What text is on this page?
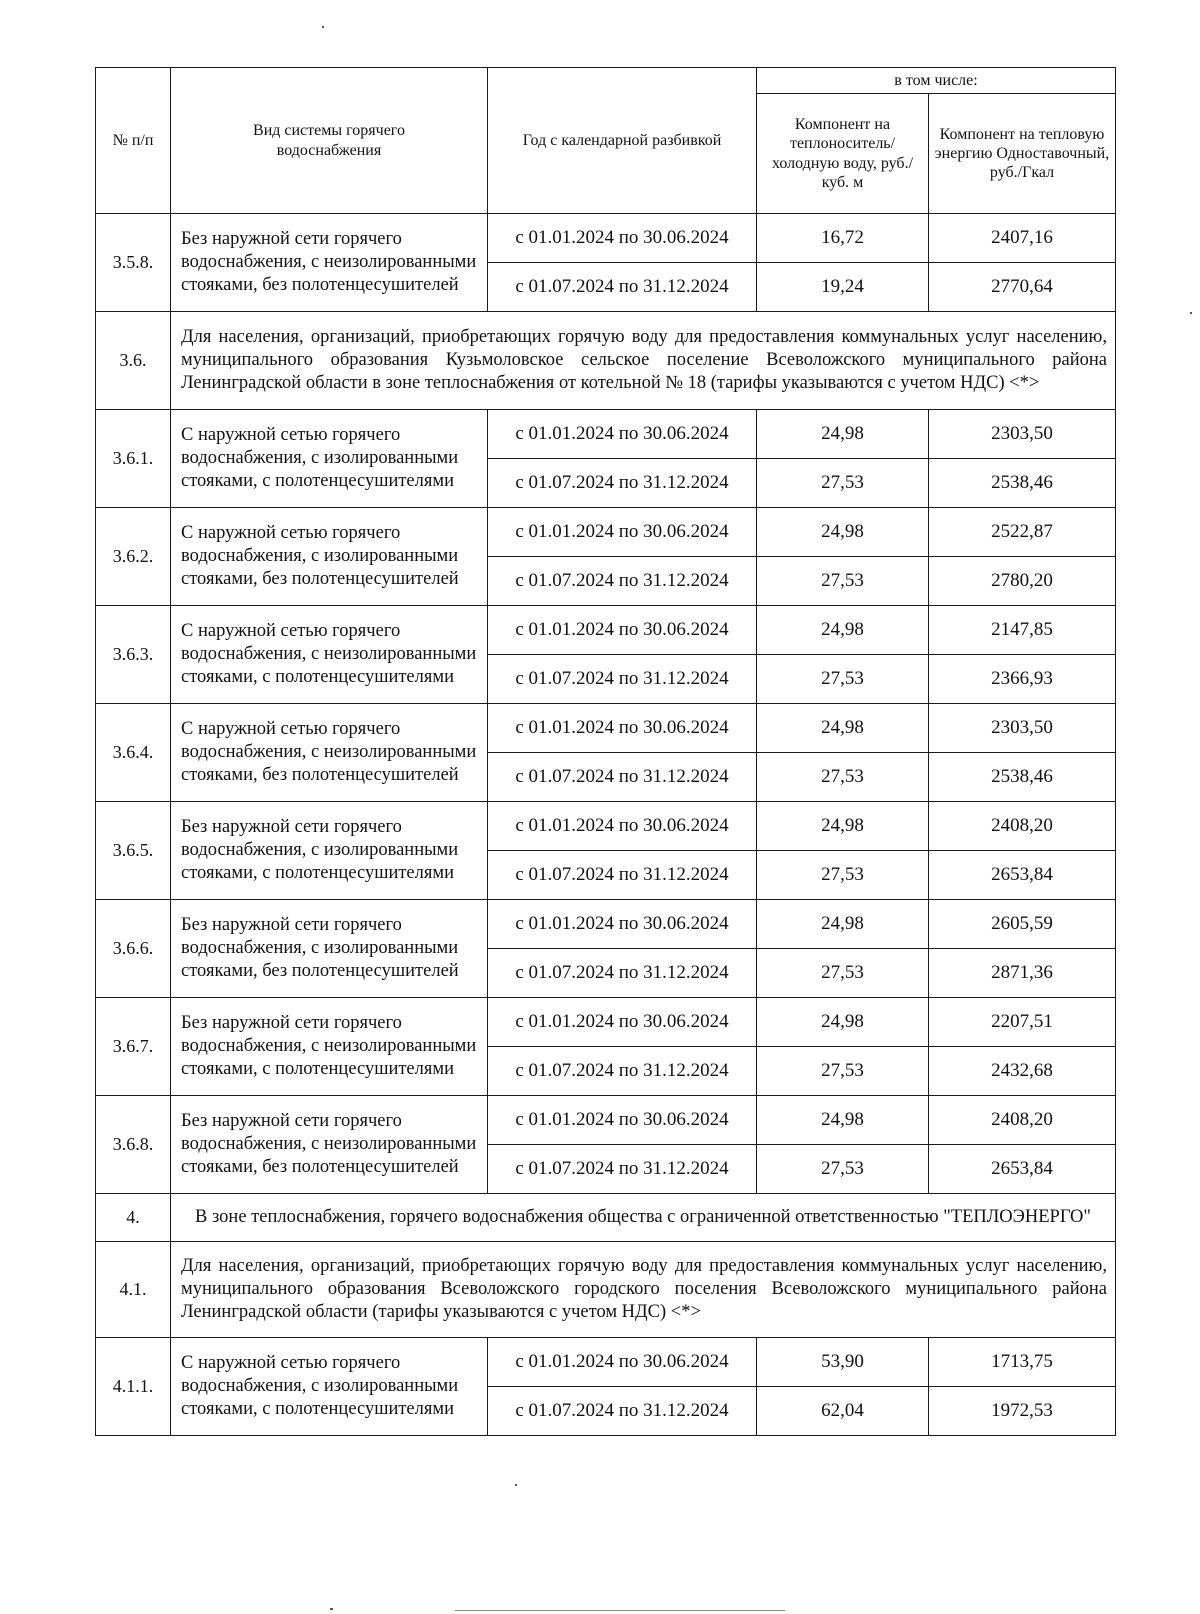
№ п/п	Вид системы горячего водоснабжения	Год с календарной разбивкой	в том числе:	
			Компонент на теплоноситель/ холодную воду, руб./куб. м	Компонент на тепловую энергию Одноставочный, руб./Гкал
3.5.8.	Без наружной сети горячего водоснабжения, с неизолированными стояками, без полотенцесушителей	с 01.01.2024 по 30.06.2024	16,72	2407,16
		с 01.07.2024 по 31.12.2024	19,24	2770,64
3.6.	Для населения, организаций, приобретающих горячую воду для предоставления коммунальных услуг населению, муниципального образования Кузьмоловское сельское поселение Всеволожского муниципального района Ленинградской области в зоне теплоснабжения от котельной № 18 (тарифы указываются с учетом НДС) <*>			
3.6.1.	С наружной сетью горячего водоснабжения, с изолированными стояками, с полотенцесушителями	с 01.01.2024 по 30.06.2024	24,98	2303,50
		с 01.07.2024 по 31.12.2024	27,53	2538,46
3.6.2.	С наружной сетью горячего водоснабжения, с изолированными стояками, без полотенцесушителей	с 01.01.2024 по 30.06.2024	24,98	2522,87
		с 01.07.2024 по 31.12.2024	27,53	2780,20
3.6.3.	С наружной сетью горячего водоснабжения, с неизолированными стояками, с полотенцесушителями	с 01.01.2024 по 30.06.2024	24,98	2147,85
		с 01.07.2024 по 31.12.2024	27,53	2366,93
3.6.4.	С наружной сетью горячего водоснабжения, с неизолированными стояками, без полотенцесушителей	с 01.01.2024 по 30.06.2024	24,98	2303,50
		с 01.07.2024 по 31.12.2024	27,53	2538,46
3.6.5.	Без наружной сети горячего водоснабжения, с изолированными стояками, с полотенцесушителями	с 01.01.2024 по 30.06.2024	24,98	2408,20
		с 01.07.2024 по 31.12.2024	27,53	2653,84
3.6.6.	Без наружной сети горячего водоснабжения, с изолированными стояками, без полотенцесушителей	с 01.01.2024 по 30.06.2024	24,98	2605,59
		с 01.07.2024 по 31.12.2024	27,53	2871,36
3.6.7.	Без наружной сети горячего водоснабжения, с неизолированными стояками, с полотенцесушителями	с 01.01.2024 по 30.06.2024	24,98	2207,51
		с 01.07.2024 по 31.12.2024	27,53	2432,68
3.6.8.	Без наружной сети горячего водоснабжения, с неизолированными стояками, без полотенцесушителей	с 01.01.2024 по 30.06.2024	24,98	2408,20
		с 01.07.2024 по 31.12.2024	27,53	2653,84
4.	В зоне теплоснабжения, горячего водоснабжения общества с ограниченной ответственностью "ТЕПЛОЭНЕРГО"			
4.1.	Для населения, организаций, приобретающих горячую воду для предоставления коммунальных услуг населению, муниципального образования Всеволожского городского поселения Всеволожского муниципального района Ленинградской области (тарифы указываются с учетом НДС) <*>			
4.1.1.	С наружной сетью горячего водоснабжения, с изолированными стояками, с полотенцесушителями	с 01.01.2024 по 30.06.2024	53,90	1713,75
		с 01.07.2024 по 31.12.2024	62,04	1972,53
